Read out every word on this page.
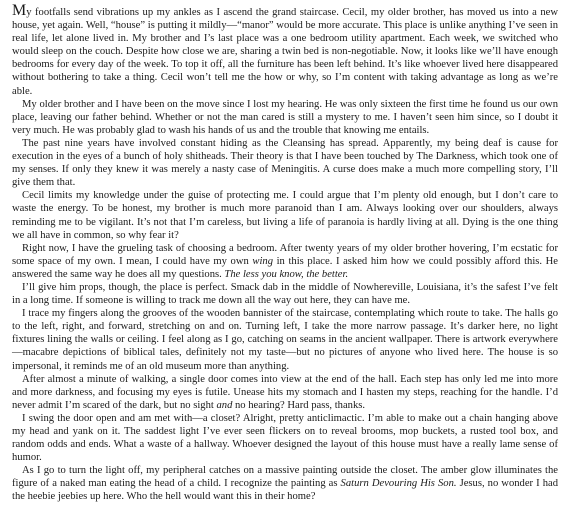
My footfalls send vibrations up my ankles as I ascend the grand staircase. Cecil, my older brother, has moved us into a new house, yet again. Well, “house” is putting it mildly—“manor” would be more accurate. This place is unlike anything I’ve seen in real life, let alone lived in. My brother and I’s last place was a one bedroom utility apartment. Each week, we switched who would sleep on the couch. Despite how close we are, sharing a twin bed is non-negotiable. Now, it looks like we’ll have enough bedrooms for every day of the week. To top it off, all the furniture has been left behind. It’s like whoever lived here disappeared without bothering to take a thing. Cecil won’t tell me the how or why, so I’m content with taking advantage as long as we’re able.

My older brother and I have been on the move since I lost my hearing. He was only sixteen the first time he found us our own place, leaving our father behind. Whether or not the man cared is still a mystery to me. I haven’t seen him since, so I doubt it very much. He was probably glad to wash his hands of us and the trouble that knowing me entails.

The past nine years have involved constant hiding as the Cleansing has spread. Apparently, my being deaf is cause for execution in the eyes of a bunch of holy shitheads. Their theory is that I have been touched by The Darkness, which took one of my senses. If only they knew it was merely a nasty case of Meningitis. A curse does make a much more compelling story, I’ll give them that.

Cecil limits my knowledge under the guise of protecting me. I could argue that I’m plenty old enough, but I don’t care to waste the energy. To be honest, my brother is much more paranoid than I am. Always looking over our shoulders, always reminding me to be vigilant. It’s not that I’m careless, but living a life of paranoia is hardly living at all. Dying is the one thing we all have in common, so why fear it?

Right now, I have the grueling task of choosing a bedroom. After twenty years of my older brother hovering, I’m ecstatic for some space of my own. I mean, I could have my own wing in this place. I asked him how we could possibly afford this. He answered the same way he does all my questions. The less you know, the better.

I’ll give him props, though, the place is perfect. Smack dab in the middle of Nowhereville, Louisiana, it’s the safest I’ve felt in a long time. If someone is willing to track me down all the way out here, they can have me.

I trace my fingers along the grooves of the wooden bannister of the staircase, contemplating which route to take. The halls go to the left, right, and forward, stretching on and on. Turning left, I take the more narrow passage. It’s darker here, no light fixtures lining the walls or ceiling. I feel along as I go, catching on seams in the ancient wallpaper. There is artwork everywhere—macabre depictions of biblical tales, definitely not my taste—but no pictures of anyone who lived here. The house is so impersonal, it reminds me of an old museum more than anything.

After almost a minute of walking, a single door comes into view at the end of the hall. Each step has only led me into more and more darkness, and focusing my eyes is futile. Unease hits my stomach and I hasten my steps, reaching for the handle. I’d never admit I’m scared of the dark, but no sight and no hearing? Hard pass, thanks.

I swing the door open and am met with—a closet? Alright, pretty anticlimactic. I’m able to make out a chain hanging above my head and yank on it. The saddest light I’ve ever seen flickers on to reveal brooms, mop buckets, a rusted tool box, and random odds and ends. What a waste of a hallway. Whoever designed the layout of this house must have a really lame sense of humor.

As I go to turn the light off, my peripheral catches on a massive painting outside the closet. The amber glow illuminates the figure of a naked man eating the head of a child. I recognize the painting as Saturn Devouring His Son. Jesus, no wonder I had the heebie jeebies up here. Who the hell would want this in their home?
